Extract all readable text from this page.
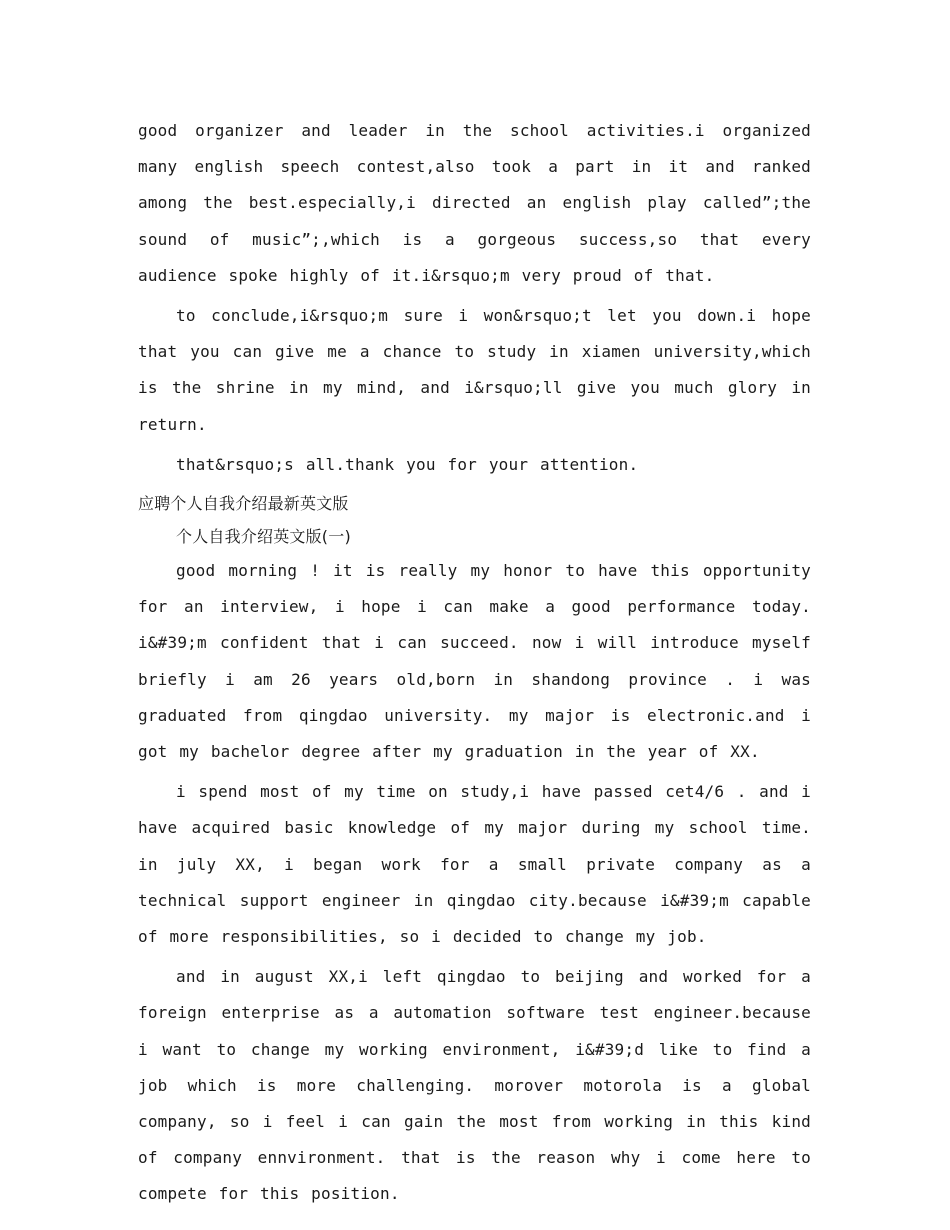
good organizer and leader in the school activities.i organized many english speech contest,also took a part in it and ranked among the best.especially,i directed an english play called”;the sound of music”;,which is a gorgeous success,so that every audience spoke highly of it.i&rsquo;m very proud of that.

to conclude,i&rsquo;m sure i won&rsquo;t let you down.i hope that you can give me a chance to study in xiamen university,which is the shrine in my mind, and i&rsquo;ll give you much glory in return.

that&rsquo;s all.thank you for your attention.

应聘个人自我介绍最新英文版

个人自我介绍英文版(一)

good morning ! it is really my honor to have this opportunity for an interview, i hope i can make a good performance today. i&#39;m confident that i can succeed. now i will introduce myself briefly i am 26 years old,born in shandong province . i was graduated from qingdao university. my major is electronic.and i got my bachelor degree after my graduation in the year of XX.

i spend most of my time on study,i have passed cet4/6 . and i have acquired basic knowledge of my major during my school time. in july XX, i began work for a small private company as a technical support engineer in qingdao city.because i&#39;m capable of more responsibilities, so i decided to change my job.

and in august XX,i left qingdao to beijing and worked for a foreign enterprise as a automation software test engineer.because i want to change my working environment, i&#39;d like to find a job which is more challenging. morover motorola is a global company, so i feel i can gain the most from working in this kind of company ennvironment. that is the reason why i come here to compete for this position.
